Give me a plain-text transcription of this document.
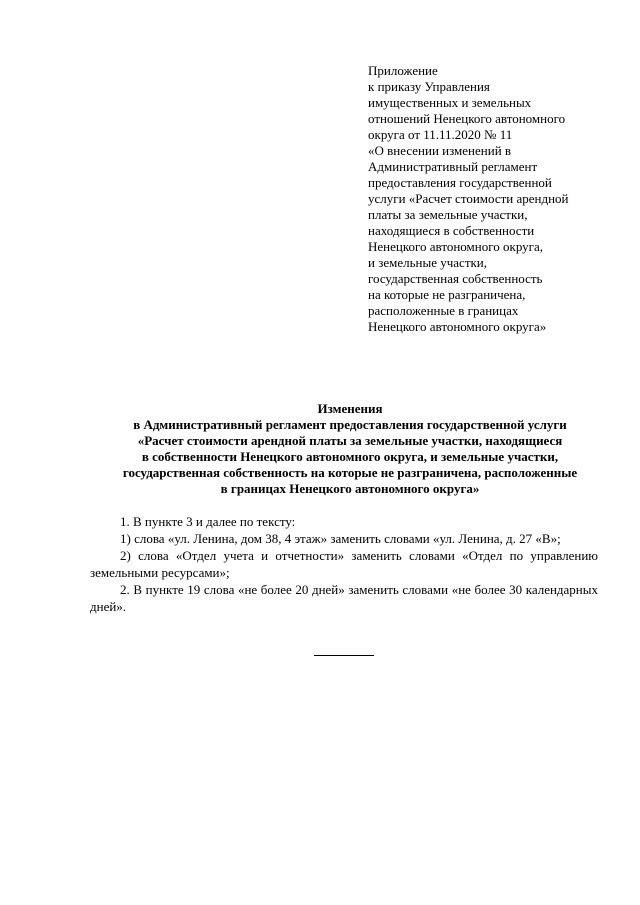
Приложение
к приказу Управления
имущественных и земельных
отношений Ненецкого автономного
округа от 11.11.2020 № 11
«О внесении изменений в
Административный регламент
предоставления государственной
услуги «Расчет стоимости арендной
платы за земельные участки,
находящиеся в собственности
Ненецкого автономного округа,
и земельные участки,
государственная собственность
на которые не разграничена,
расположенные в границах
Ненецкого автономного округа»
Изменения
в Административный регламент предоставления государственной услуги
«Расчет стоимости арендной платы за земельные участки, находящиеся
в собственности Ненецкого автономного округа, и земельные участки,
государственная собственность на которые не разграничена, расположенные
в границах Ненецкого автономного округа»
1. В пункте 3 и далее по тексту:
1) слова «ул. Ленина, дом 38, 4 этаж» заменить словами «ул. Ленина, д. 27 «В»;
2) слова «Отдел учета и отчетности» заменить словами «Отдел по управлению земельными ресурсами»;
2. В пункте 19 слова «не более 20 дней» заменить словами «не более 30 календарных дней».
